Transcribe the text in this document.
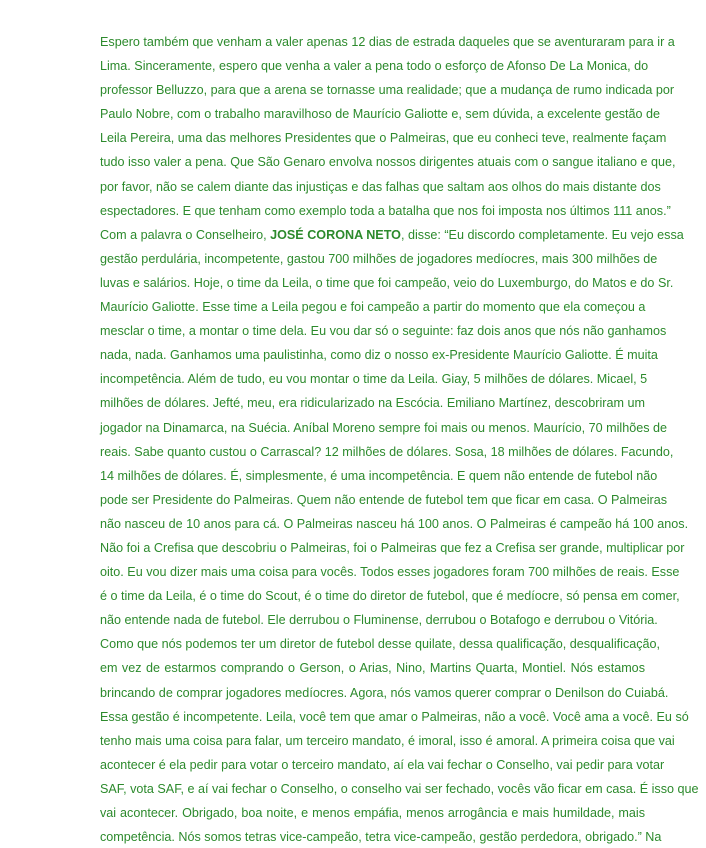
Espero também que venham a valer apenas 12 dias de estrada daqueles que se aventuraram para ir a
Lima. Sinceramente, espero que venha a valer a pena todo o esforço de Afonso De La Monica, do
professor Belluzzo, para que a arena se tornasse uma realidade; que a mudança de rumo indicada por
Paulo Nobre, com o trabalho maravilhoso de Maurício Galiotte e, sem dúvida, a excelente gestão de
Leila Pereira, uma das melhores Presidentes que o Palmeiras, que eu conheci teve, realmente façam
tudo isso valer a pena. Que São Genaro envolva nossos dirigentes atuais com o sangue italiano e que,
por favor, não se calem diante das injustiças e das falhas que saltam aos olhos do mais distante dos
espectadores. E que tenham como exemplo toda a batalha que nos foi imposta nos últimos 111 anos.”
Com a palavra o Conselheiro, JOSÉ CORONA NETO, disse: “Eu discordo completamente. Eu vejo essa
gestão perdulária, incompetente, gastou 700 milhões de jogadores medíocres, mais 300 milhões de
luvas e salários. Hoje, o time da Leila, o time que foi campeão, veio do Luxemburgo, do Matos e do Sr.
Maurício Galiotte. Esse time a Leila pegou e foi campeão a partir do momento que ela começou a
mesclar o time, a montar o time dela. Eu vou dar só o seguinte: faz dois anos que nós não ganhamos
nada, nada. Ganhamos uma paulistinha, como diz o nosso ex-Presidente Maurício Galiotte. É muita
incompetência. Além de tudo, eu vou montar o time da Leila. Giay, 5 milhões de dólares. Micael, 5
milhões de dólares. Jefté, meu, era ridicularizado na Escócia. Emiliano Martínez, descobriram um
jogador na Dinamarca, na Suécia. Aníbal Moreno sempre foi mais ou menos. Maurício, 70 milhões de
reais. Sabe quanto custou o Carrascal? 12 milhões de dólares. Sosa, 18 milhões de dólares. Facundo,
14 milhões de dólares. É, simplesmente, é uma incompetência. E quem não entende de futebol não
pode ser Presidente do Palmeiras. Quem não entende de futebol tem que ficar em casa. O Palmeiras
não nasceu de 10 anos para cá. O Palmeiras nasceu há 100 anos. O Palmeiras é campeão há 100 anos.
Não foi a Crefisa que descobriu o Palmeiras, foi o Palmeiras que fez a Crefisa ser grande, multiplicar por
oito. Eu vou dizer mais uma coisa para vocês. Todos esses jogadores foram 700 milhões de reais. Esse
é o time da Leila, é o time do Scout, é o time do diretor de futebol, que é medíocre, só pensa em comer,
não entende nada de futebol. Ele derrubou o Fluminense, derrubou o Botafogo e derrubou o Vitória.
Como que nós podemos ter um diretor de futebol desse quilate, dessa qualificação, desqualificação,
em vez de estarmos comprando o Gerson, o Arias, Nino, Martins Quarta, Montiel. Nós estamos
brincando de comprar jogadores medíocres. Agora, nós vamos querer comprar o Denilson do Cuiabá.
Essa gestão é incompetente. Leila, você tem que amar o Palmeiras, não a você. Você ama a você. Eu só
tenho mais uma coisa para falar, um terceiro mandato, é imoral, isso é amoral. A primeira coisa que vai
acontecer é ela pedir para votar o terceiro mandato, aí ela vai fechar o Conselho, vai pedir para votar
SAF, vota SAF, e aí vai fechar o Conselho, o conselho vai ser fechado, vocês vão ficar em casa. É isso que
vai acontecer. Obrigado, boa noite, e menos empáfia, menos arrogância e mais humildade, mais
competência. Nós somos tetras vice-campeão, tetra vice-campeão, gestão perdedora, obrigado.” Na
